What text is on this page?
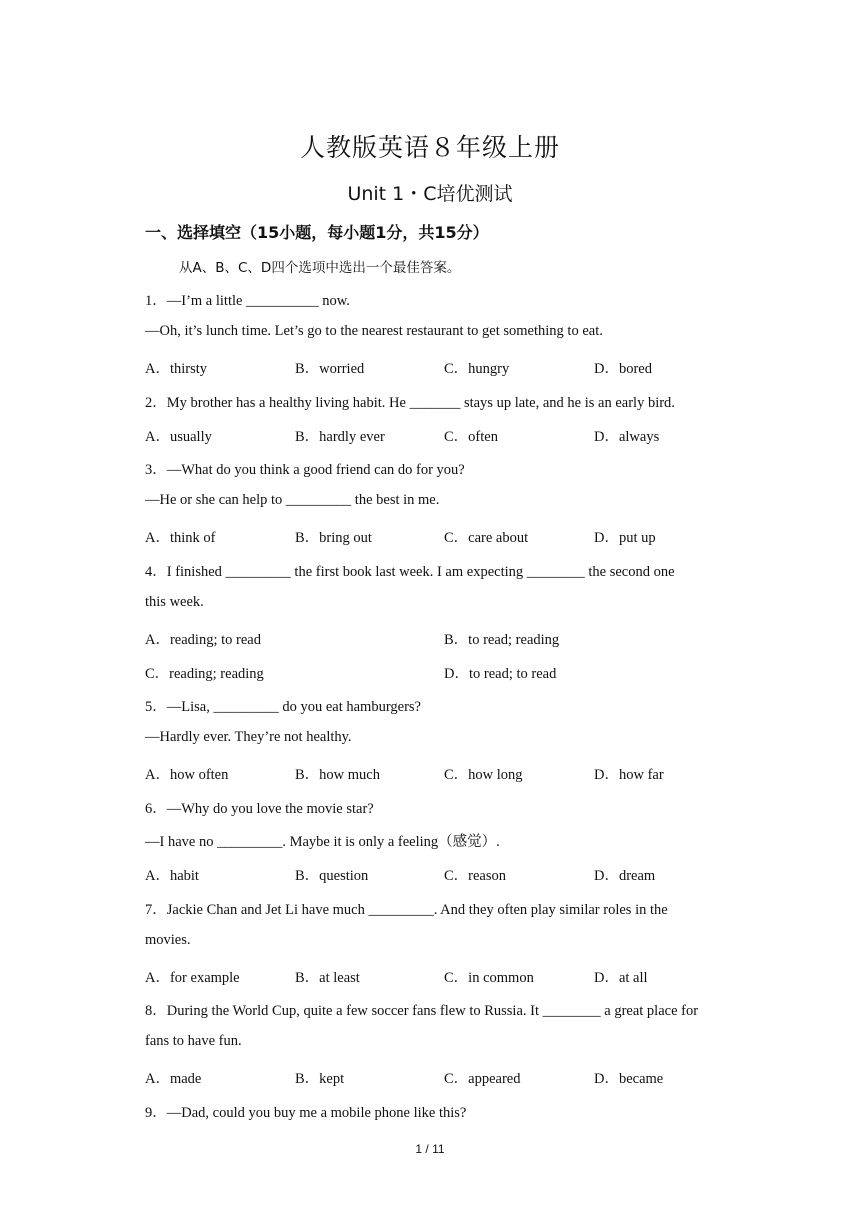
人教版英语８年级上册
Unit 1・C培优测试
一、选择填空（15小题，每小题1分，共15分）
从A、B、C、D四个选项中选出一个最佳答案。
1．—I’m a little __________ now.
—Oh, it’s lunch time. Let’s go to the nearest restaurant to get something to eat.
A．thirsty	B．worried	C．hungry	D．bored
2．My brother has a healthy living habit. He _______ stays up late, and he is an early bird.
A．usually	B．hardly ever	C．often	D．always
3．—What do you think a good friend can do for you?
—He or she can help to _________ the best in me.
A．think of	B．bring out	C．care about	D．put up
4．I finished _________ the first book last week. I am expecting ________ the second one
this week.
A．reading; to read	B．to read; reading
C．reading; reading	D．to read; to read
5．—Lisa, _________ do you eat hamburgers?
—Hardly ever. They’re not healthy.
A．how often	B．how much	C．how long	D．how far
6．—Why do you love the movie star?
—I have no _________. Maybe it is only a feeling（感觉）.
A．habit	B．question	C．reason	D．dream
7．Jackie Chan and Jet Li have much _________. And they often play similar roles in the
movies.
A．for example	B．at least	C．in common	D．at all
8．During the World Cup, quite a few soccer fans flew to Russia. It ________ a great place for
fans to have fun.
A．made	B．kept	C．appeared	D．became
9．—Dad, could you buy me a mobile phone like this?
1 / 11
